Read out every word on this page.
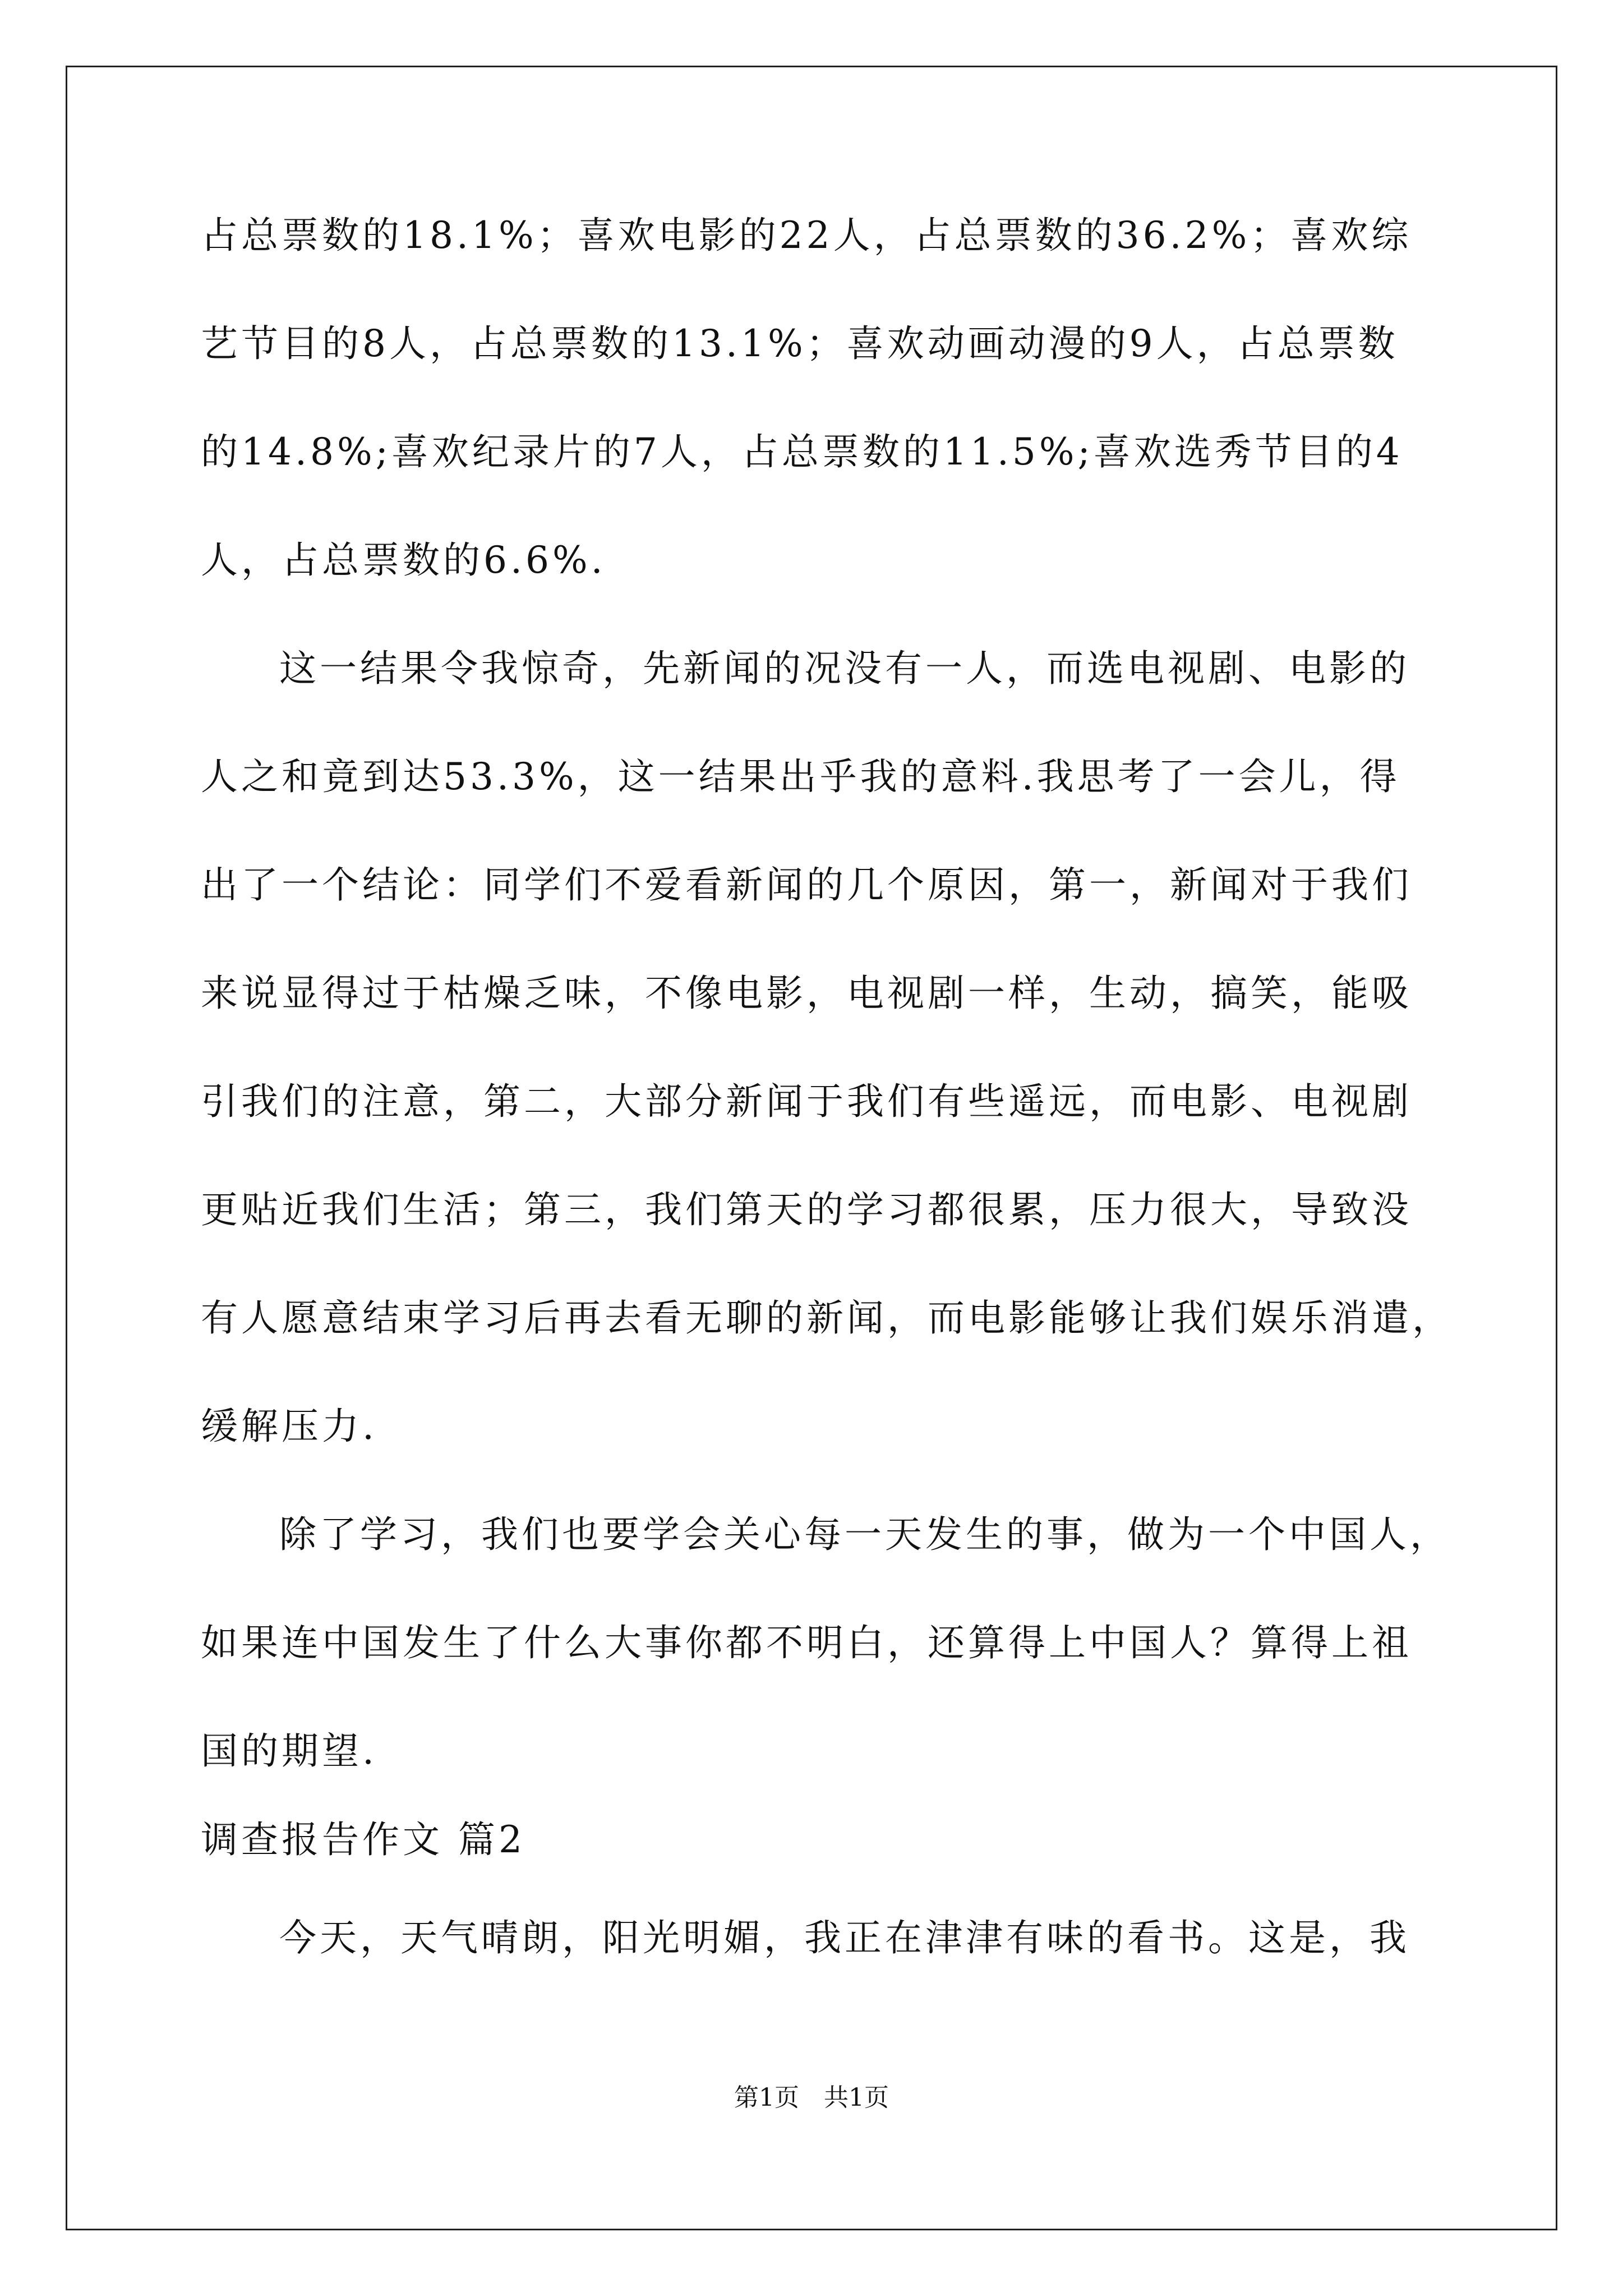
占总票数的18.1%；喜欢电影的22人，占总票数的36.2%；喜欢综
艺节目的8人，占总票数的13.1%；喜欢动画动漫的9人，占总票数
的14.8%;喜欢纪录片的7人，占总票数的11.5%;喜欢选秀节目的4
人，占总票数的6.6%.
这一结果令我惊奇，先新闻的况没有一人，而选电视剧、电影的
人之和竟到达53.3%，这一结果出乎我的意料.我思考了一会儿，得
出了一个结论：同学们不爱看新闻的几个原因，第一，新闻对于我们
来说显得过于枯燥乏味，不像电影，电视剧一样，生动，搞笑，能吸
引我们的注意，第二，大部分新闻于我们有些遥远，而电影、电视剧
更贴近我们生活；第三，我们第天的学习都很累，压力很大，导致没
有人愿意结束学习后再去看无聊的新闻，而电影能够让我们娱乐消遣，
缓解压力.
除了学习，我们也要学会关心每一天发生的事，做为一个中国人，
如果连中国发生了什么大事你都不明白，还算得上中国人？算得上祖
国的期望.
调查报告作文 篇2
今天，天气晴朗，阳光明媚，我正在津津有味的看书。这是，我
第1页　共1页
